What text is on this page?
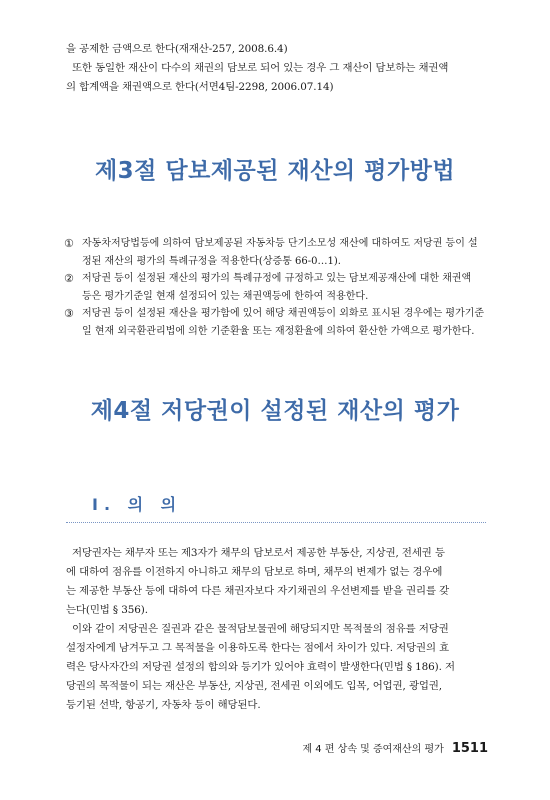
을 공제한 금액으로 한다(재재산-257, 2008.6.4)
또한 동일한 재산이 다수의 채권의 담보로 되어 있는 경우 그 재산이 담보하는 채권액
의 합계액을 채권액으로 한다(서면4팀-2298, 2006.07.14)
제3절 담보제공된 재산의 평가방법
① 자동차저당법등에 의하여 담보제공된 자동차등 단기소모성 재산에 대하여도 저당권 등이 설
정된 재산의 평가의 특례규정을 적용한다(상증통 66-0…1).
② 저당권 등이 설정된 재산의 평가의 특례규정에 규정하고 있는 담보제공재산에 대한 채권액
등은 평가기준일 현재 설정되어 있는 채권액등에 한하여 적용한다.
③ 저당권 등이 설정된 재산을 평가함에 있어 해당 채권액등이 외화로 표시된 경우에는 평가기준
일 현재 외국환관리법에 의한 기준환율 또는 재정환율에 의하여 환산한 가액으로 평가한다.
제4절 저당권이 설정된 재산의 평가
Ⅰ. 의 의
저당권자는 채무자 또는 제3자가 채무의 담보로서 제공한 부동산, 지상권, 전세권 등
에 대하여 점유를 이전하지 아니하고 채무의 담보로 하며, 채무의 변제가 없는 경우에
는 제공한 부동산 등에 대하여 다른 채권자보다 자기채권의 우선변제를 받을 권리를 갖
는다(민법 § 356).
이와 같이 저당권은 질권과 같은 물적담보물권에 해당되지만 목적물의 점유를 저당권
설정자에게 남겨두고 그 목적물을 이용하도록 한다는 점에서 차이가 있다. 저당권의 효
력은 당사자간의 저당권 설정의 합의와 등기가 있어야 효력이 발생한다(민법 § 186). 저
당권의 목적물이 되는 재산은 부동산, 지상권, 전세권 이외에도 입목, 어업권, 광업권,
등기된 선박, 항공기, 자동차 등이 해당된다.
제 4 편 상속 및 증여재산의 평가 1511
